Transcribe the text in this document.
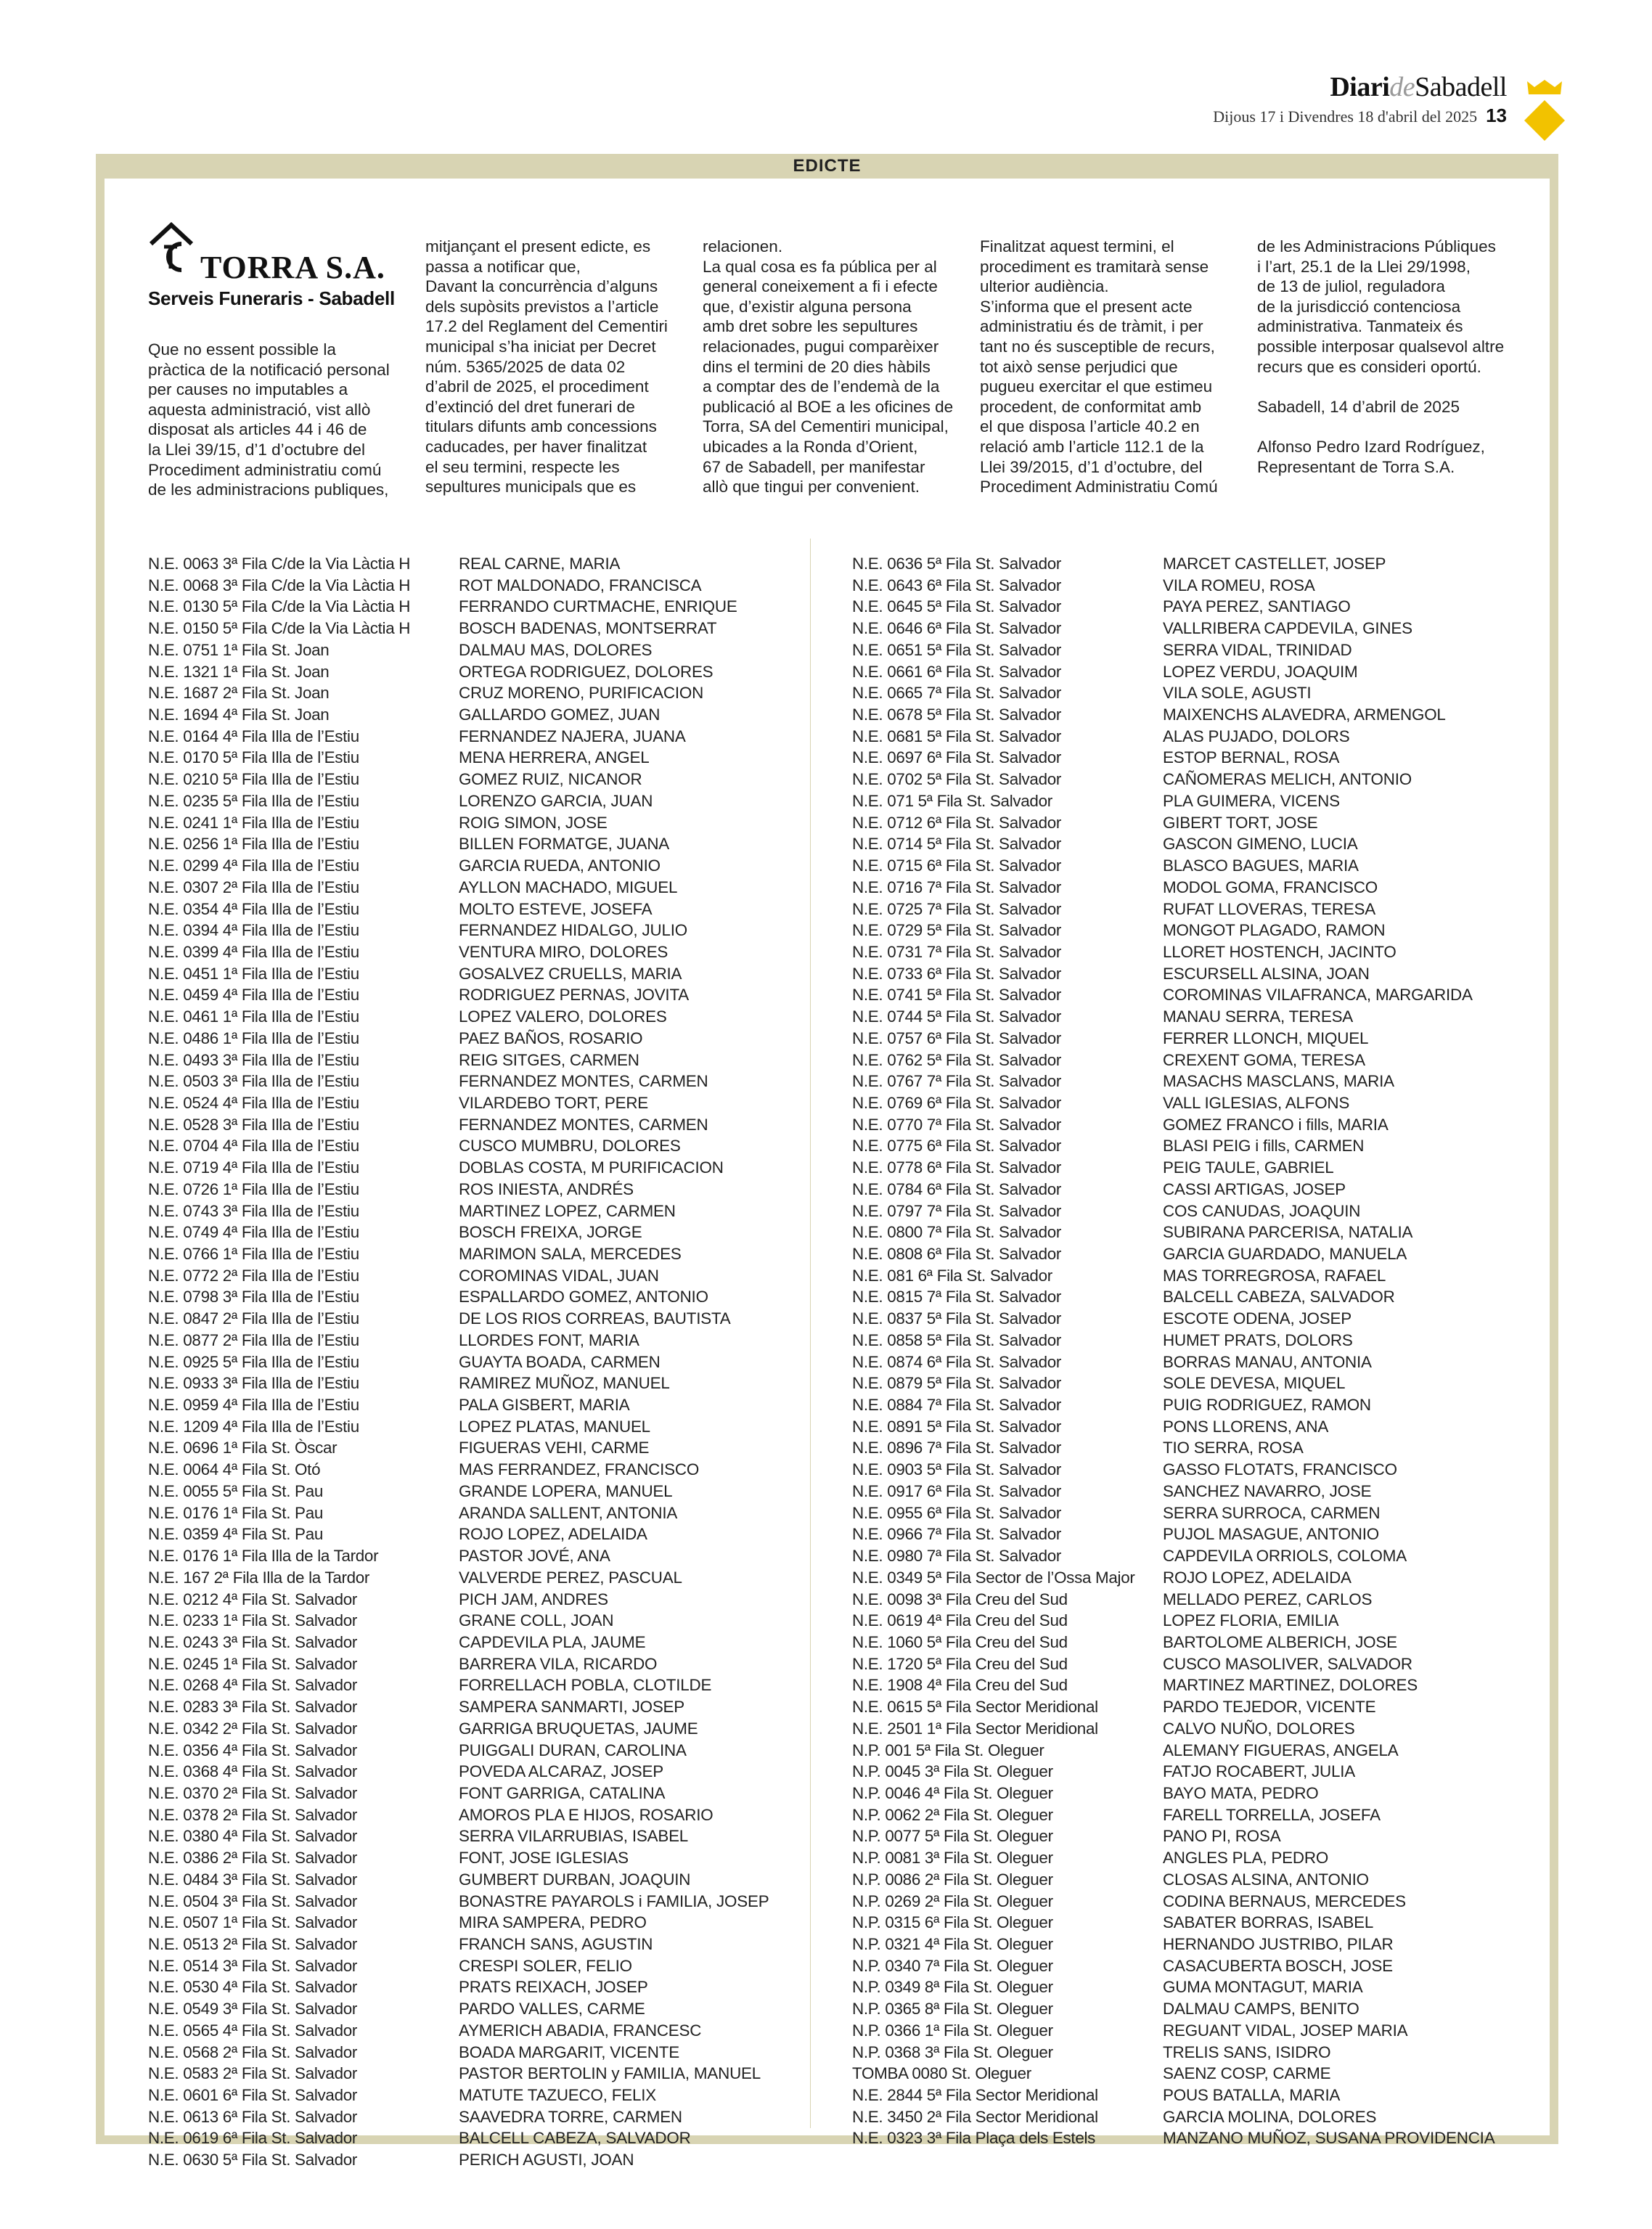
DiarideSabadell
Dijous 17 i Divendres 18 d'abril del 2025 13
EDICTE
TORRA S.A.
Serveis Funeraris - Sabadell

Que no essent possible la

pràctica de la notificació personal

per causes no imputables a

aquesta administració, vist allò

disposat als articles 44 i 46 de

la Llei 39/15, d’1 d’octubre del

Procediment administratiu comú

de les administracions publiques,

mitjançant el present edicte, es

passa a notificar que,

Davant la concurrència d’alguns

dels supòsits previstos a l’article

17.2 del Reglament del Cementiri

municipal s’ha iniciat per Decret

núm. 5365/2025 de data 02

d’abril de 2025, el procediment

d’extinció del dret funerari de

titulars difunts amb concessions

caducades, per haver finalitzat

el seu termini, respecte les

sepultures municipals que es

relacionen.

La qual cosa es fa pública per al

general coneixement a fi i efecte

que, d’existir alguna persona

amb dret sobre les sepultures

relacionades, pugui comparèixer

dins el termini de 20 dies hàbils

a comptar des de l’endemà de la

publicació al BOE a les oficines de

Torra, SA del Cementiri municipal,

ubicades a la Ronda d’Orient,

67 de Sabadell, per manifestar

allò que tingui per convenient.

Finalitzat aquest termini, el

procediment es tramitarà sense

ulterior audiència.

S’informa que el present acte

administratiu és de tràmit, i per

tant no és susceptible de recurs,

tot això sense perjudici que

pugueu exercitar el que estimeu

procedent, de conformitat amb

el que disposa l’article 40.2 en

relació amb l’article 112.1 de la

Llei 39/2015, d’1 d’octubre, del

Procediment Administratiu Comú

de les Administracions Públiques

i l’art, 25.1 de la Llei 29/1998,

de 13 de juliol, reguladora

de la jurisdicció contenciosa

administrativa. Tanmateix és

possible interposar qualsevol altre

recurs que es consideri oportú.

Sabadell, 14 d’abril de 2025

Alfonso Pedro Izard Rodríguez,

Representant de Torra S.A.

N.E. 0063 3ª Fila C/de la Via Làctia H	REAL CARNE, MARIA
N.E. 0068 3ª Fila C/de la Via Làctia H	ROT MALDONADO, FRANCISCA
N.E. 0130 5ª Fila C/de la Via Làctia H	FERRANDO CURTMACHE, ENRIQUE
N.E. 0150 5ª Fila C/de la Via Làctia H	BOSCH BADENAS, MONTSERRAT
N.E. 0751 1ª Fila St. Joan	DALMAU MAS, DOLORES
N.E. 1321 1ª Fila St. Joan	ORTEGA RODRIGUEZ, DOLORES
N.E. 1687 2ª Fila St. Joan	CRUZ MORENO, PURIFICACION
N.E. 1694 4ª Fila St. Joan	GALLARDO GOMEZ, JUAN
N.E. 0164 4ª Fila Illa de l’Estiu	FERNANDEZ NAJERA, JUANA
N.E. 0170 5ª Fila Illa de l’Estiu	MENA HERRERA, ANGEL
N.E. 0210 5ª Fila Illa de l’Estiu	GOMEZ RUIZ, NICANOR
N.E. 0235 5ª Fila Illa de l’Estiu	LORENZO GARCIA, JUAN
N.E. 0241 1ª Fila Illa de l’Estiu	ROIG SIMON, JOSE
N.E. 0256 1ª Fila Illa de l’Estiu	BILLEN FORMATGE, JUANA
N.E. 0299 4ª Fila Illa de l’Estiu	GARCIA RUEDA, ANTONIO
N.E. 0307 2ª Fila Illa de l’Estiu	AYLLON MACHADO, MIGUEL
N.E. 0354 4ª Fila Illa de l’Estiu	MOLTO ESTEVE, JOSEFA
N.E. 0394 4ª Fila Illa de l’Estiu	FERNANDEZ HIDALGO, JULIO
N.E. 0399 4ª Fila Illa de l’Estiu	VENTURA MIRO, DOLORES
N.E. 0451 1ª Fila Illa de l’Estiu	GOSALVEZ CRUELLS, MARIA
N.E. 0459 4ª Fila Illa de l’Estiu	RODRIGUEZ PERNAS, JOVITA
N.E. 0461 1ª Fila Illa de l’Estiu	LOPEZ VALERO, DOLORES
N.E. 0486 1ª Fila Illa de l’Estiu	PAEZ BAÑOS, ROSARIO
N.E. 0493 3ª Fila Illa de l’Estiu	REIG SITGES, CARMEN
N.E. 0503 3ª Fila Illa de l’Estiu	FERNANDEZ MONTES, CARMEN
N.E. 0524 4ª Fila Illa de l’Estiu	VILARDEBO TORT, PERE
N.E. 0528 3ª Fila Illa de l’Estiu	FERNANDEZ MONTES, CARMEN
N.E. 0704 4ª Fila Illa de l’Estiu	CUSCO MUMBRU, DOLORES
N.E. 0719 4ª Fila Illa de l’Estiu	DOBLAS COSTA, M PURIFICACION
N.E. 0726 1ª Fila Illa de l’Estiu	ROS INIESTA, ANDRÉS
N.E. 0743 3ª Fila Illa de l’Estiu	MARTINEZ LOPEZ, CARMEN
N.E. 0749 4ª Fila Illa de l’Estiu	BOSCH FREIXA, JORGE
N.E. 0766 1ª Fila Illa de l’Estiu	MARIMON SALA, MERCEDES
N.E. 0772 2ª Fila Illa de l’Estiu	COROMINAS VIDAL, JUAN
N.E. 0798 3ª Fila Illa de l’Estiu	ESPALLARDO GOMEZ, ANTONIO
N.E. 0847 2ª Fila Illa de l’Estiu	DE LOS RIOS CORREAS, BAUTISTA
N.E. 0877 2ª Fila Illa de l’Estiu	LLORDES FONT, MARIA
N.E. 0925 5ª Fila Illa de l’Estiu	GUAYTA BOADA, CARMEN
N.E. 0933 3ª Fila Illa de l’Estiu	RAMIREZ MUÑOZ, MANUEL
N.E. 0959 4ª Fila Illa de l’Estiu	PALA GISBERT, MARIA
N.E. 1209 4ª Fila Illa de l’Estiu	LOPEZ PLATAS, MANUEL
N.E. 0696 1ª Fila St. Òscar	FIGUERAS VEHI, CARME
N.E. 0064 4ª Fila St. Otó	MAS FERRANDEZ, FRANCISCO
N.E. 0055 5ª Fila St. Pau	GRANDE LOPERA, MANUEL
N.E. 0176 1ª Fila St. Pau	ARANDA SALLENT, ANTONIA
N.E. 0359 4ª Fila St. Pau	ROJO LOPEZ, ADELAIDA
N.E. 0176 1ª Fila Illa de la Tardor	PASTOR JOVÉ, ANA
N.E. 167 2ª Fila Illa de la Tardor	VALVERDE PEREZ, PASCUAL
N.E. 0212 4ª Fila St. Salvador	PICH JAM, ANDRES
N.E. 0233 1ª Fila St. Salvador	GRANE COLL, JOAN
N.E. 0243 3ª Fila St. Salvador	CAPDEVILA PLA, JAUME
N.E. 0245 1ª Fila St. Salvador	BARRERA VILA, RICARDO
N.E. 0268 4ª Fila St. Salvador	FORRELLACH POBLA, CLOTILDE
N.E. 0283 3ª Fila St. Salvador	SAMPERA SANMARTI, JOSEP
N.E. 0342 2ª Fila St. Salvador	GARRIGA BRUQUETAS, JAUME
N.E. 0356 4ª Fila St. Salvador	PUIGGALI DURAN, CAROLINA
N.E. 0368 4ª Fila St. Salvador	POVEDA ALCARAZ, JOSEP
N.E. 0370 2ª Fila St. Salvador	FONT GARRIGA, CATALINA
N.E. 0378 2ª Fila St. Salvador	AMOROS PLA E HIJOS, ROSARIO
N.E. 0380 4ª Fila St. Salvador	SERRA VILARRUBIAS, ISABEL
N.E. 0386 2ª Fila St. Salvador	FONT, JOSE IGLESIAS
N.E. 0484 3ª Fila St. Salvador	GUMBERT DURBAN, JOAQUIN
N.E. 0504 3ª Fila St. Salvador	BONASTRE PAYAROLS i FAMILIA, JOSEP
N.E. 0507 1ª Fila St. Salvador	MIRA SAMPERA, PEDRO
N.E. 0513 2ª Fila St. Salvador	FRANCH SANS, AGUSTIN
N.E. 0514 3ª Fila St. Salvador	CRESPI SOLER, FELIO
N.E. 0530 4ª Fila St. Salvador	PRATS REIXACH, JOSEP
N.E. 0549 3ª Fila St. Salvador	PARDO VALLES, CARME
N.E. 0565 4ª Fila St. Salvador	AYMERICH ABADIA, FRANCESC
N.E. 0568 2ª Fila St. Salvador	BOADA MARGARIT, VICENTE
N.E. 0583 2ª Fila St. Salvador	PASTOR BERTOLIN y FAMILIA, MANUEL
N.E. 0601 6ª Fila St. Salvador	MATUTE TAZUECO, FELIX
N.E. 0613 6ª Fila St. Salvador	SAAVEDRA TORRE, CARMEN
N.E. 0619 6ª Fila St. Salvador	BALCELL CABEZA, SALVADOR
N.E. 0630 5ª Fila St. Salvador	PERICH AGUSTI, JOAN
N.E. 0636 5ª Fila St. Salvador	MARCET CASTELLET, JOSEP
N.E. 0643 6ª Fila St. Salvador	VILA ROMEU, ROSA
N.E. 0645 5ª Fila St. Salvador	PAYA PEREZ, SANTIAGO
N.E. 0646 6ª Fila St. Salvador	VALLRIBERA CAPDEVILA, GINES
N.E. 0651 5ª Fila St. Salvador	SERRA VIDAL, TRINIDAD
N.E. 0661 6ª Fila St. Salvador	LOPEZ VERDU, JOAQUIM
N.E. 0665 7ª Fila St. Salvador	VILA SOLE, AGUSTI
N.E. 0678 5ª Fila St. Salvador	MAIXENCHS ALAVEDRA, ARMENGOL
N.E. 0681 5ª Fila St. Salvador	ALAS PUJADO, DOLORS
N.E. 0697 6ª Fila St. Salvador	ESTOP BERNAL, ROSA
N.E. 0702 5ª Fila St. Salvador	CAÑOMERAS MELICH, ANTONIO
N.E. 071 5ª Fila St. Salvador	PLA GUIMERA, VICENS
N.E. 0712 6ª Fila St. Salvador	GIBERT TORT, JOSE
N.E. 0714 5ª Fila St. Salvador	GASCON GIMENO, LUCIA
N.E. 0715 6ª Fila St. Salvador	BLASCO BAGUES, MARIA
N.E. 0716 7ª Fila St. Salvador	MODOL GOMA, FRANCISCO
N.E. 0725 7ª Fila St. Salvador	RUFAT LLOVERAS, TERESA
N.E. 0729 5ª Fila St. Salvador	MONGOT PLAGADO, RAMON
N.E. 0731 7ª Fila St. Salvador	LLORET HOSTENCH, JACINTO
N.E. 0733 6ª Fila St. Salvador	ESCURSELL ALSINA, JOAN
N.E. 0741 5ª Fila St. Salvador	COROMINAS VILAFRANCA, MARGARIDA
N.E. 0744 5ª Fila St. Salvador	MANAU SERRA, TERESA
N.E. 0757 6ª Fila St. Salvador	FERRER LLONCH, MIQUEL
N.E. 0762 5ª Fila St. Salvador	CREXENT GOMA, TERESA
N.E. 0767 7ª Fila St. Salvador	MASACHS MASCLANS, MARIA
N.E. 0769 6ª Fila St. Salvador	VALL IGLESIAS, ALFONS
N.E. 0770 7ª Fila St. Salvador	GOMEZ FRANCO i fills, MARIA
N.E. 0775 6ª Fila St. Salvador	BLASI PEIG i fills, CARMEN
N.E. 0778 6ª Fila St. Salvador	PEIG TAULE, GABRIEL
N.E. 0784 6ª Fila St. Salvador	CASSI ARTIGAS, JOSEP
N.E. 0797 7ª Fila St. Salvador	COS CANUDAS, JOAQUIN
N.E. 0800 7ª Fila St. Salvador	SUBIRANA PARCERISA, NATALIA
N.E. 0808 6ª Fila St. Salvador	GARCIA GUARDADO, MANUELA
N.E. 081 6ª Fila St. Salvador	MAS TORREGROSA, RAFAEL
N.E. 0815 7ª Fila St. Salvador	BALCELL CABEZA, SALVADOR
N.E. 0837 5ª Fila St. Salvador	ESCOTE ODENA, JOSEP
N.E. 0858 5ª Fila St. Salvador	HUMET PRATS, DOLORS
N.E. 0874 6ª Fila St. Salvador	BORRAS MANAU, ANTONIA
N.E. 0879 5ª Fila St. Salvador	SOLE DEVESA, MIQUEL
N.E. 0884 7ª Fila St. Salvador	PUIG RODRIGUEZ, RAMON
N.E. 0891 5ª Fila St. Salvador	PONS LLORENS, ANA
N.E. 0896 7ª Fila St. Salvador	TIO SERRA, ROSA
N.E. 0903 5ª Fila St. Salvador	GASSO FLOTATS, FRANCISCO
N.E. 0917 6ª Fila St. Salvador	SANCHEZ NAVARRO, JOSE
N.E. 0955 6ª Fila St. Salvador	SERRA SURROCA, CARMEN
N.E. 0966 7ª Fila St. Salvador	PUJOL MASAGUE, ANTONIO
N.E. 0980 7ª Fila St. Salvador	CAPDEVILA ORRIOLS, COLOMA
N.E. 0349 5ª Fila Sector de l’Ossa Major	ROJO LOPEZ, ADELAIDA
N.E. 0098 3ª Fila Creu del Sud	MELLADO PEREZ, CARLOS
N.E. 0619 4ª Fila Creu del Sud	LOPEZ FLORIA, EMILIA
N.E. 1060 5ª Fila Creu del Sud	BARTOLOME ALBERICH, JOSE
N.E. 1720 5ª Fila Creu del Sud	CUSCO MASOLIVER, SALVADOR
N.E. 1908 4ª Fila Creu del Sud	MARTINEZ MARTINEZ, DOLORES
N.E. 0615 5ª Fila Sector Meridional	PARDO TEJEDOR, VICENTE
N.E. 2501 1ª Fila Sector Meridional	CALVO NUÑO, DOLORES
N.P. 001 5ª Fila St. Oleguer	ALEMANY FIGUERAS, ANGELA
N.P. 0045 3ª Fila St. Oleguer	FATJO ROCABERT, JULIA
N.P. 0046 4ª Fila St. Oleguer	BAYO MATA, PEDRO
N.P. 0062 2ª Fila St. Oleguer	FARELL TORRELLA, JOSEFA
N.P. 0077 5ª Fila St. Oleguer	PANO PI, ROSA
N.P. 0081 3ª Fila St. Oleguer	ANGLES PLA, PEDRO
N.P. 0086 2ª Fila St. Oleguer	CLOSAS ALSINA, ANTONIO
N.P. 0269 2ª Fila St. Oleguer	CODINA BERNAUS, MERCEDES
N.P. 0315 6ª Fila St. Oleguer	SABATER BORRAS, ISABEL
N.P. 0321 4ª Fila St. Oleguer	HERNANDO JUSTRIBO, PILAR
N.P. 0340 7ª Fila St. Oleguer	CASACUBERTA BOSCH, JOSE
N.P. 0349 8ª Fila St. Oleguer	GUMA MONTAGUT, MARIA
N.P. 0365 8ª Fila St. Oleguer	DALMAU CAMPS, BENITO
N.P. 0366 1ª Fila St. Oleguer	REGUANT VIDAL, JOSEP MARIA
N.P. 0368 3ª Fila St. Oleguer	TRELIS SANS, ISIDRO
TOMBA 0080 St. Oleguer	SAENZ COSP, CARME
N.E. 2844 5ª Fila Sector Meridional	POUS BATALLA, MARIA
N.E. 3450 2ª Fila Sector Meridional	GARCIA MOLINA, DOLORES
N.E. 0323 3ª Fila Plaça dels Estels	MANZANO MUÑOZ, SUSANA PROVIDENCIA
